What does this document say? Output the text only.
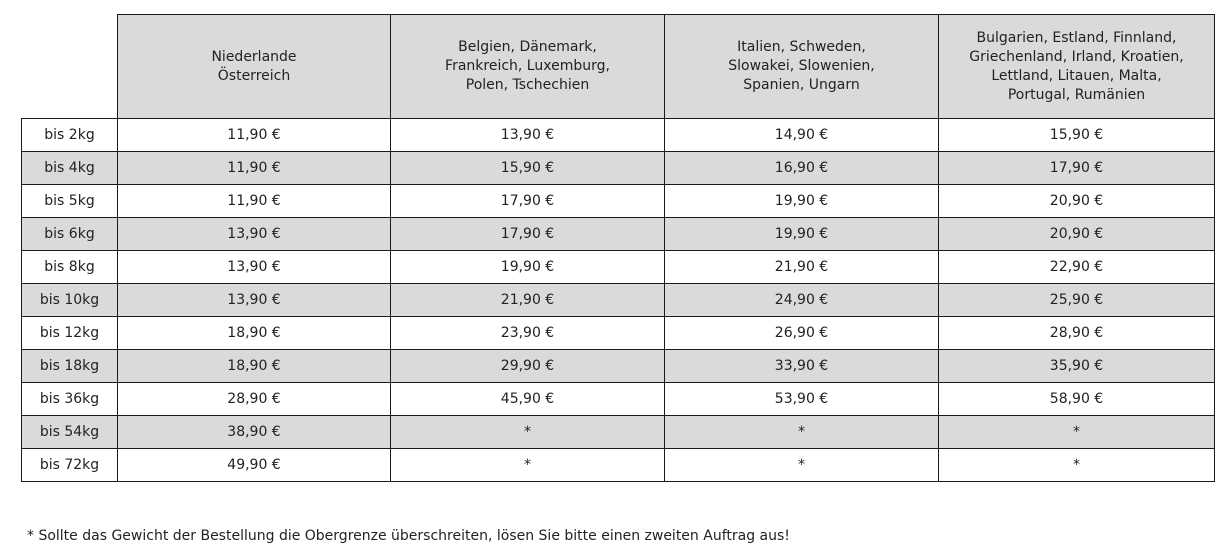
	Niederlande
Österreich	Belgien, Dänemark,
Frankreich, Luxemburg,
Polen, Tschechien	Italien, Schweden,
Slowakei, Slowenien,
Spanien, Ungarn	Bulgarien, Estland, Finnland,
Griechenland, Irland, Kroatien,
Lettland, Litauen, Malta,
Portugal, Rumänien

bis 2kg	11,90 €	13,90 €	14,90 €	15,90 €
bis 4kg	11,90 €	15,90 €	16,90 €	17,90 €
bis 5kg	11,90 €	17,90 €	19,90 €	20,90 €
bis 6kg	13,90 €	17,90 €	19,90 €	20,90 €
bis 8kg	13,90 €	19,90 €	21,90 €	22,90 €
bis 10kg	13,90 €	21,90 €	24,90 €	25,90 €
bis 12kg	18,90 €	23,90 €	26,90 €	28,90 €
bis 18kg	18,90 €	29,90 €	33,90 €	35,90 €
bis 36kg	28,90 €	45,90 €	53,90 €	58,90 €
bis 54kg	38,90 €	*	*	*
bis 72kg	49,90 €	*	*	*
* Sollte das Gewicht der Bestellung die Obergrenze überschreiten, lösen Sie bitte einen zweiten Auftrag aus!
